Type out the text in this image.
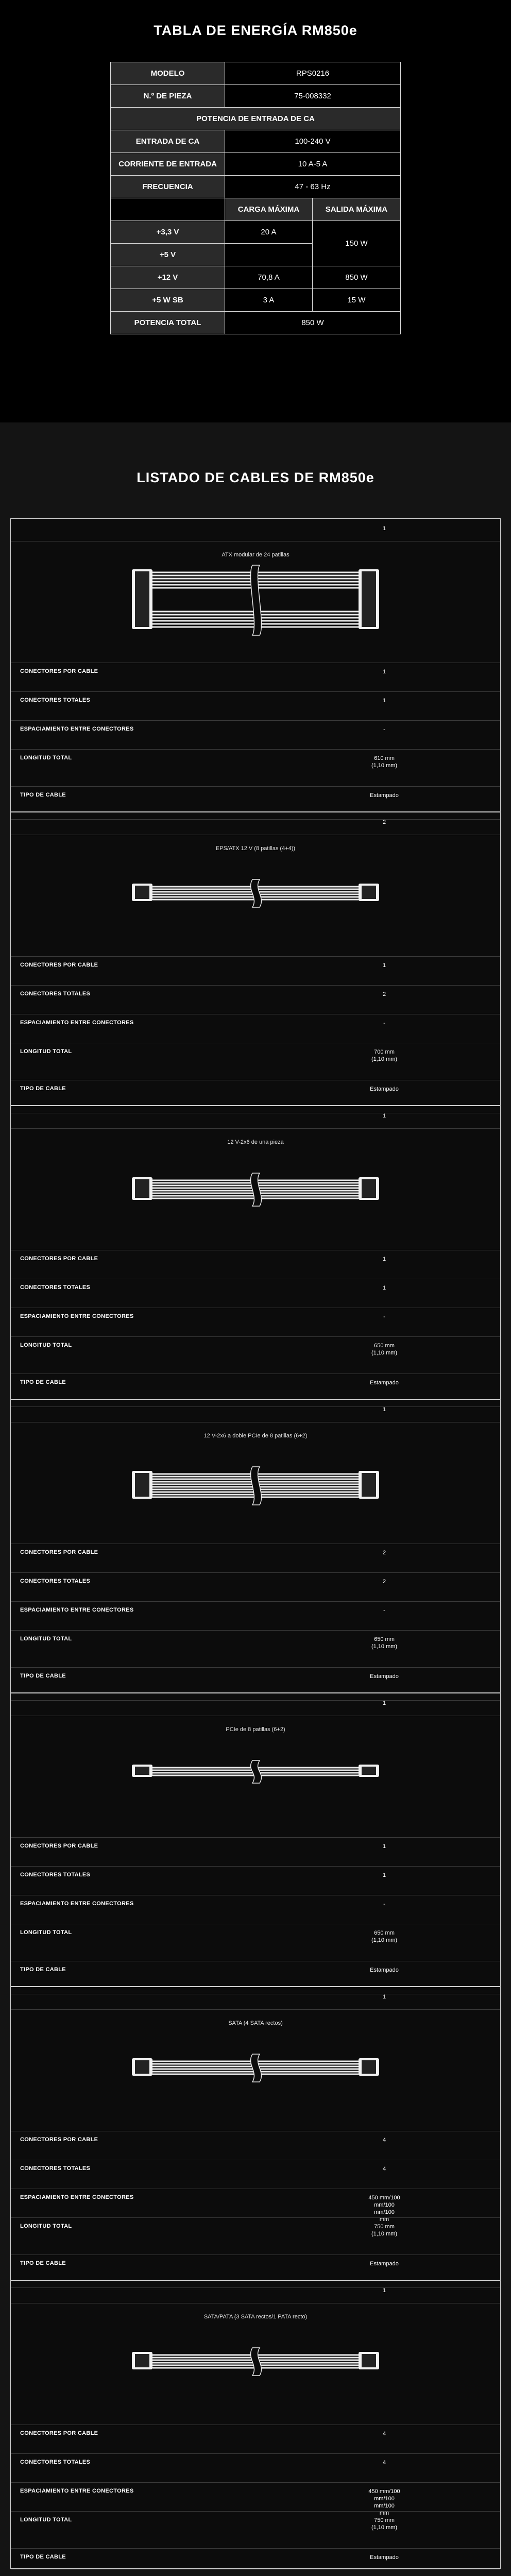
TABLA DE ENERGÍA RM850e
MODELO	RPS0216	
N.º DE PIEZA	75-008332	
POTENCIA DE ENTRADA DE CA		
ENTRADA DE CA	100-240 V	
CORRIENTE DE ENTRADA	10 A-5 A	
FRECUENCIA	47 - 63 Hz	
	CARGA MÁXIMA	SALIDA MÁXIMA
+3,3 V	20 A	150 W
+5 V		
+12 V	70,8 A	850 W
+5 W SB	3 A	15 W
POTENCIA TOTAL	850 W	
LISTADO DE CABLES DE RM850e
1
ATX modular de 24 patillas
CONECTORES POR CABLE	1
CONECTORES TOTALES	1
ESPACIAMIENTO ENTRE CONECTORES	-
LONGITUD TOTAL	610 mm
(1,10 mm)
TIPO DE CABLE	Estampado
2
EPS/ATX 12 V (8 patillas (4+4))
CONECTORES POR CABLE	1
CONECTORES TOTALES	2
ESPACIAMIENTO ENTRE CONECTORES	-
LONGITUD TOTAL	700 mm
(1,10 mm)
TIPO DE CABLE	Estampado
1
12 V-2x6 de una pieza
CONECTORES POR CABLE	1
CONECTORES TOTALES	1
ESPACIAMIENTO ENTRE CONECTORES	-
LONGITUD TOTAL	650 mm
(1,10 mm)
TIPO DE CABLE	Estampado
1
12 V-2x6 a doble PCIe de 8 patillas (6+2)
CONECTORES POR CABLE	2
CONECTORES TOTALES	2
ESPACIAMIENTO ENTRE CONECTORES	-
LONGITUD TOTAL	650 mm
(1,10 mm)
TIPO DE CABLE	Estampado
1
PCIe de 8 patillas (6+2)
CONECTORES POR CABLE	1
CONECTORES TOTALES	1
ESPACIAMIENTO ENTRE CONECTORES	-
LONGITUD TOTAL	650 mm
(1,10 mm)
TIPO DE CABLE	Estampado
1
SATA (4 SATA rectos)
CONECTORES POR CABLE	4
CONECTORES TOTALES	4
ESPACIAMIENTO ENTRE CONECTORES	450 mm/100
mm/100
mm/100
mm
LONGITUD TOTAL	750 mm
(1,10 mm)
TIPO DE CABLE	Estampado
1
SATA/PATA (3 SATA rectos/1 PATA recto)
CONECTORES POR CABLE	4
CONECTORES TOTALES	4
ESPACIAMIENTO ENTRE CONECTORES	450 mm/100
mm/100
mm/100
mm
LONGITUD TOTAL	750 mm
(1,10 mm)
TIPO DE CABLE	Estampado
